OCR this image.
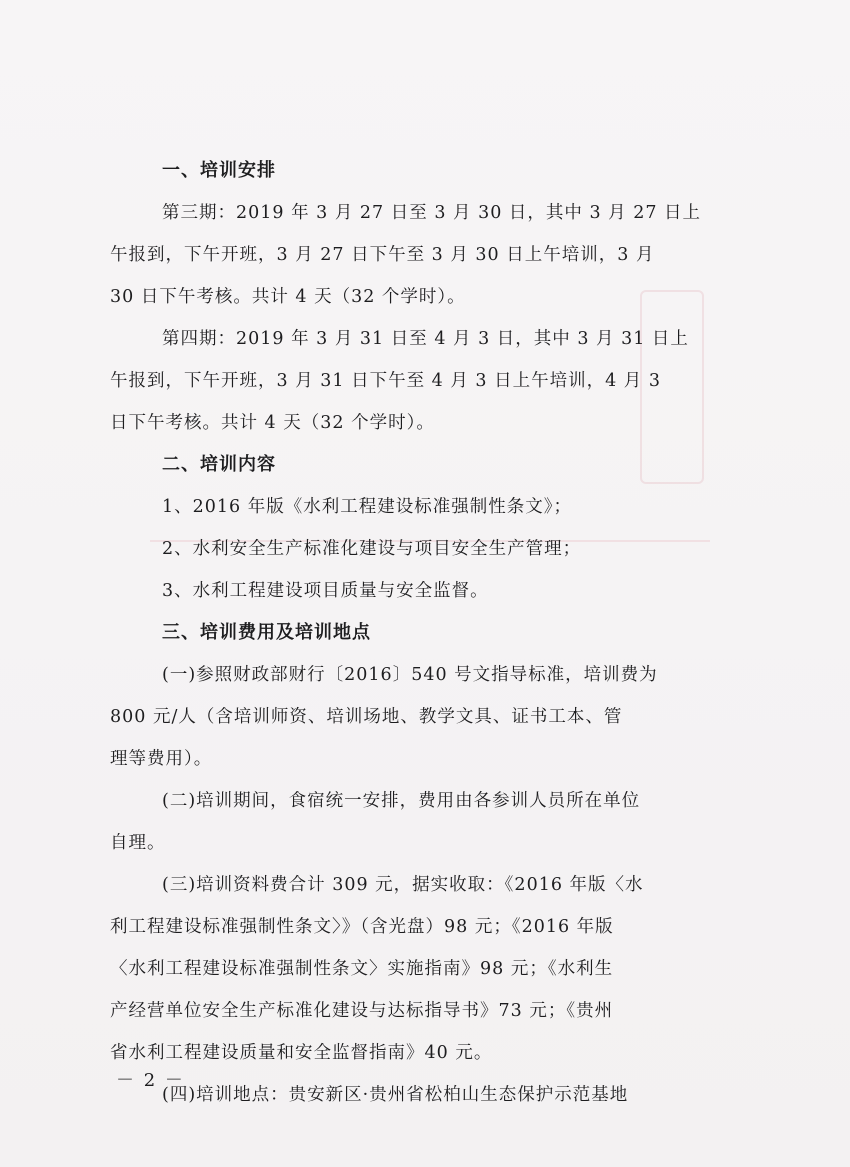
一、培训安排
第三期：2019 年 3 月 27 日至 3 月 30 日，其中 3 月 27 日上
午报到，下午开班，3 月 27 日下午至 3 月 30 日上午培训，3 月
30 日下午考核。共计 4 天（32 个学时）。
第四期：2019 年 3 月 31 日至 4 月 3 日，其中 3 月 31 日上
午报到，下午开班，3 月 31 日下午至 4 月 3 日上午培训，4 月 3
日下午考核。共计 4 天（32 个学时）。
二、培训内容
1、2016 年版《水利工程建设标准强制性条文》；
2、水利安全生产标准化建设与项目安全生产管理；
3、水利工程建设项目质量与安全监督。
三、培训费用及培训地点
(一)参照财政部财行〔2016〕540 号文指导标准，培训费为
800 元/人（含培训师资、培训场地、教学文具、证书工本、管
理等费用）。
(二)培训期间，食宿统一安排，费用由各参训人员所在单位
自理。
(三)培训资料费合计 309 元，据实收取：《2016 年版〈水
利工程建设标准强制性条文〉》（含光盘）98 元；《2016 年版
〈水利工程建设标准强制性条文〉实施指南》98 元；《水利生
产经营单位安全生产标准化建设与达标指导书》73 元；《贵州
省水利工程建设质量和安全监督指南》40 元。
(四)培训地点：贵安新区·贵州省松柏山生态保护示范基地
－ 2 －
